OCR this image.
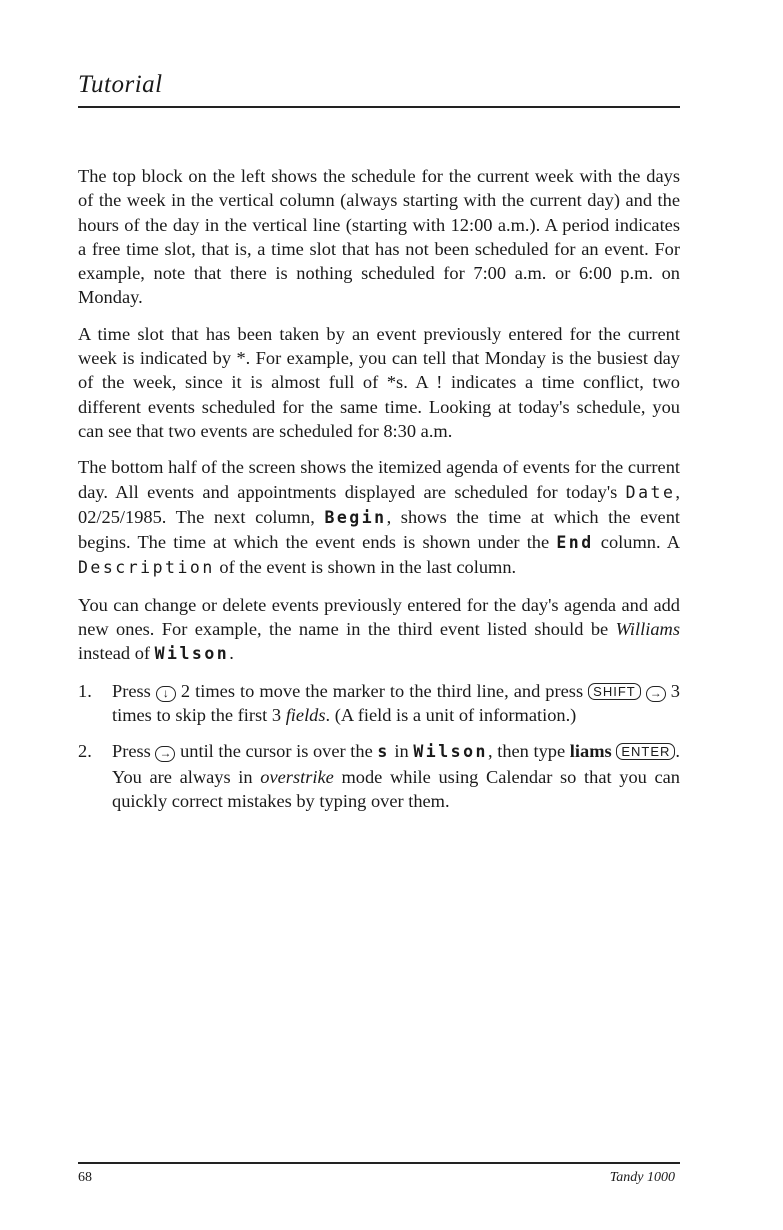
Tutorial

The top block on the left shows the schedule for the current week with the days of the week in the vertical column (always starting with the current day) and the hours of the day in the vertical line (starting with 12:00 a.m.). A period indicates a free time slot, that is, a time slot that has not been scheduled for an event. For example, note that there is nothing scheduled for 7:00 a.m. or 6:00 p.m. on Monday.

A time slot that has been taken by an event previously entered for the current week is indicated by *. For example, you can tell that Monday is the busiest day of the week, since it is almost full of *s. A ! indicates a time conflict, two different events scheduled for the same time. Looking at today's schedule, you can see that two events are scheduled for 8:30 a.m.

The bottom half of the screen shows the itemized agenda of events for the current day. All events and appointments displayed are scheduled for today's Date, 02/25/1985. The next column, Begin, shows the time at which the event begins. The time at which the event ends is shown under the End column. A Description of the event is shown in the last column.

You can change or delete events previously entered for the day's agenda and add new ones. For example, the name in the third event listed should be Williams instead of Wilson.

1. Press ↓ 2 times to move the marker to the third line, and press SHIFT → 3 times to skip the first 3 fields. (A field is a unit of information.)
2. Press → until the cursor is over the s in Wilson, then type liams ENTER . You are always in overstrike mode while using Calendar so that you can quickly correct mistakes by typing over them.
68	Tandy 1000
